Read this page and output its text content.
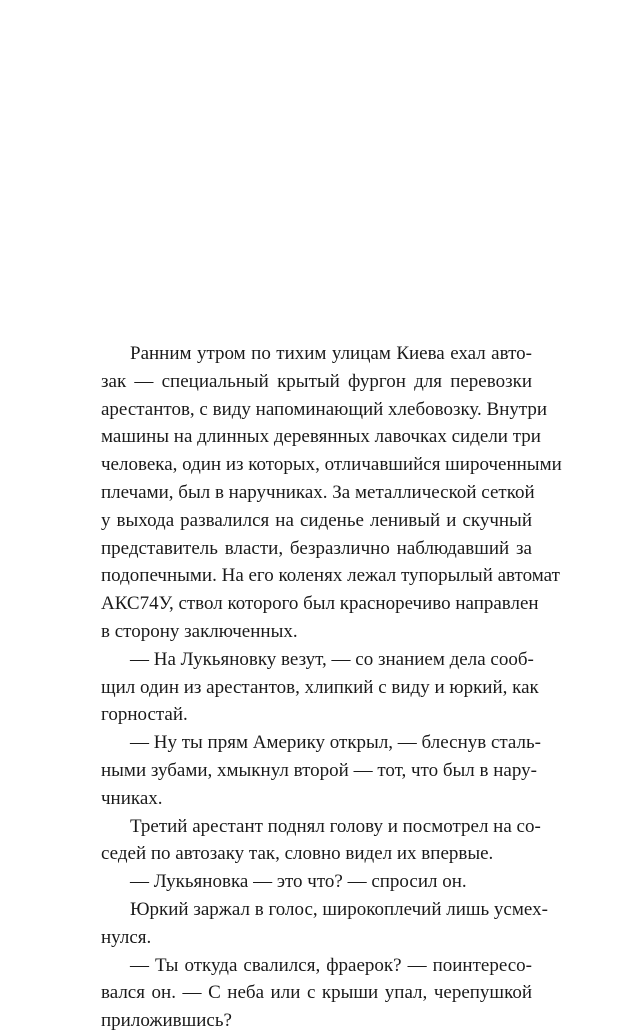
Ранним утром по тихим улицам Киева ехал авто-
зак — специальный крытый фургон для перевозки
арестантов, с виду напоминающий хлебовозку. Внутри
машины на длинных деревянных лавочках сидели три
человека, один из которых, отличавшийся широченными
плечами, был в наручниках. За металлической сеткой
у выхода развалился на сиденье ленивый и скучный
представитель власти, безразлично наблюдавший за
подопечными. На его коленях лежал тупорылый автомат
АКС74У, ствол которого был красноречиво направлен
в сторону заключенных.
— На Лукьяновку везут, — со знанием дела сооб-
щил один из арестантов, хлипкий с виду и юркий, как
горностай.
— Ну ты прям Америку открыл, — блеснув сталь-
ными зубами, хмыкнул второй — тот, что был в нару-
чниках.
Третий арестант поднял голову и посмотрел на со-
седей по автозаку так, словно видел их впервые.
— Лукьяновка — это что? — спросил он.
Юркий заржал в голос, широкоплечий лишь усмех-
нулся.
— Ты откуда свалился, фраерок? — поинтересо-
вался он. — С неба или с крыши упал, черепушкой
приложившись?
